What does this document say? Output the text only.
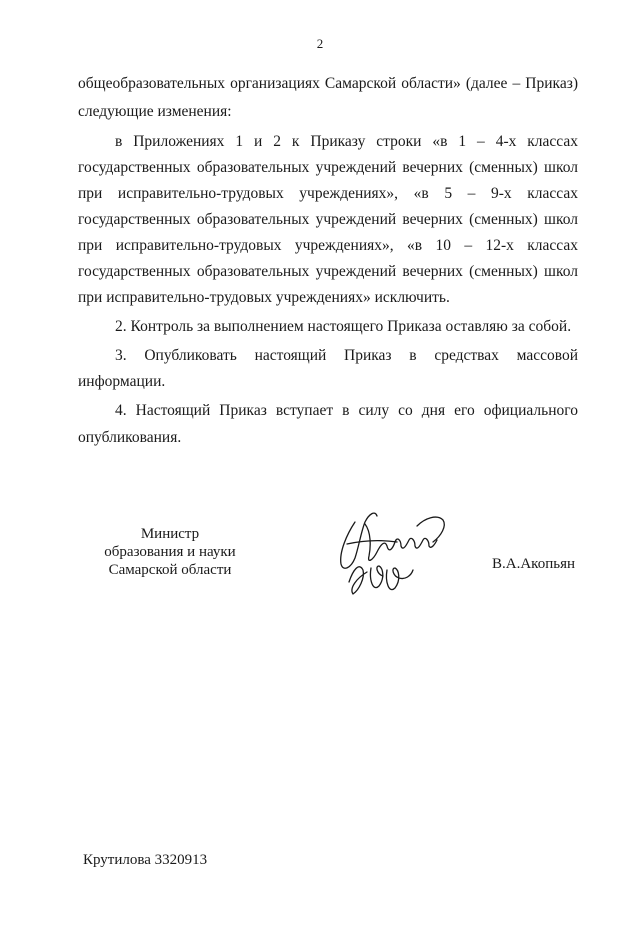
2
общеобразовательных организациях Самарской области» (далее – Приказ)
следующие изменения:
в Приложениях 1 и 2 к Приказу строки «в 1 – 4-х классах
государственных образовательных учреждений вечерних (сменных) школ
при исправительно-трудовых учреждениях», «в 5 – 9-х классах
государственных образовательных учреждений вечерних (сменных) школ
при исправительно-трудовых учреждениях», «в 10 – 12-х классах
государственных образовательных учреждений вечерних (сменных) школ
при исправительно-трудовых учреждениях» исключить.
2. Контроль за выполнением настоящего Приказа оставляю за собой.
3. Опубликовать настоящий Приказ в средствах массовой
информации.
4. Настоящий Приказ вступает в силу со дня его официального
опубликования.
Министр
образования и науки
Самарской области	В.А.Акопьян
Крутилова 3320913
